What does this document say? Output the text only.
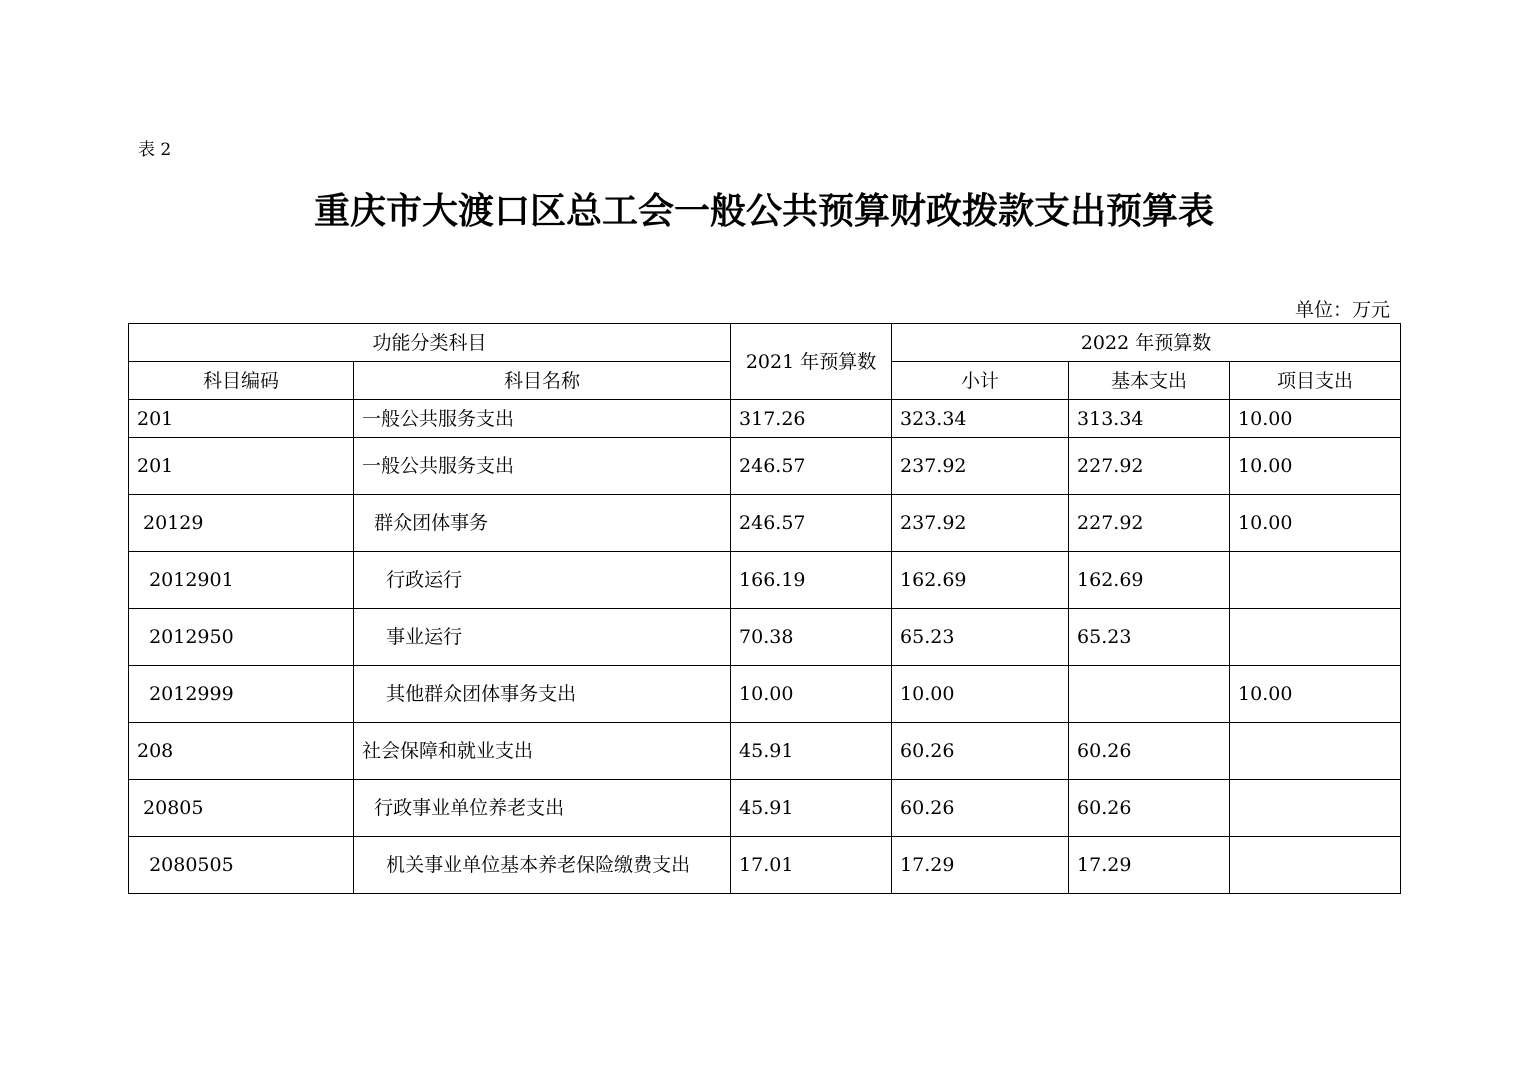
表 2
重庆市大渡口区总工会一般公共预算财政拨款支出预算表
单位：万元
功能分类科目		2021 年预算数	2022 年预算数		
科目编码	科目名称		小计	基本支出	项目支出
201	一般公共服务支出	317.26	323.34	313.34	10.00
201	一般公共服务支出	246.57	237.92	227.92	10.00
20129	群众团体事务	246.57	237.92	227.92	10.00
2012901	行政运行	166.19	162.69	162.69	
2012950	事业运行	70.38	65.23	65.23	
2012999	其他群众团体事务支出	10.00	10.00		10.00
208	社会保障和就业支出	45.91	60.26	60.26	
20805	行政事业单位养老支出	45.91	60.26	60.26	
2080505	机关事业单位基本养老保险缴费支出	17.01	17.29	17.29	
